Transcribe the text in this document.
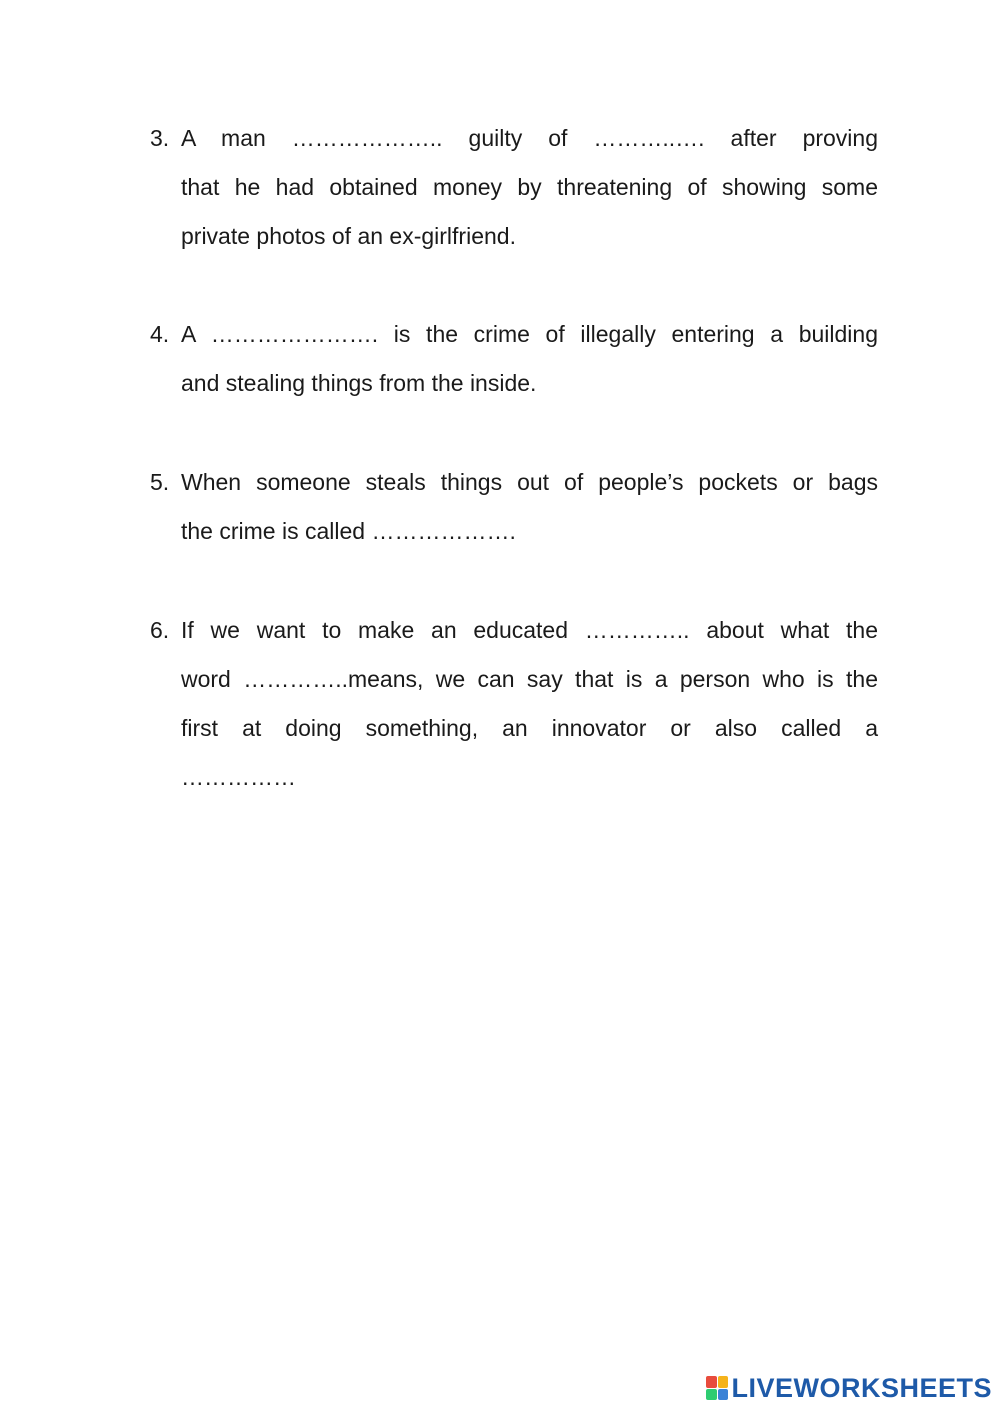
3. A man ……………….. guilty of ………..…. after proving
that he had obtained money by threatening of showing some
private photos of an ex-girlfriend.
4. A …………………. is the crime of illegally entering a building
and stealing things from the inside.
5. When someone steals things out of people’s pockets or bags
the crime is called ……………….
6. If we want to make an educated ………….. about what the
word …………..means, we can say that is a person who is the
first at doing something, an innovator or also called a
……………
LIVEWORKSHEETS
